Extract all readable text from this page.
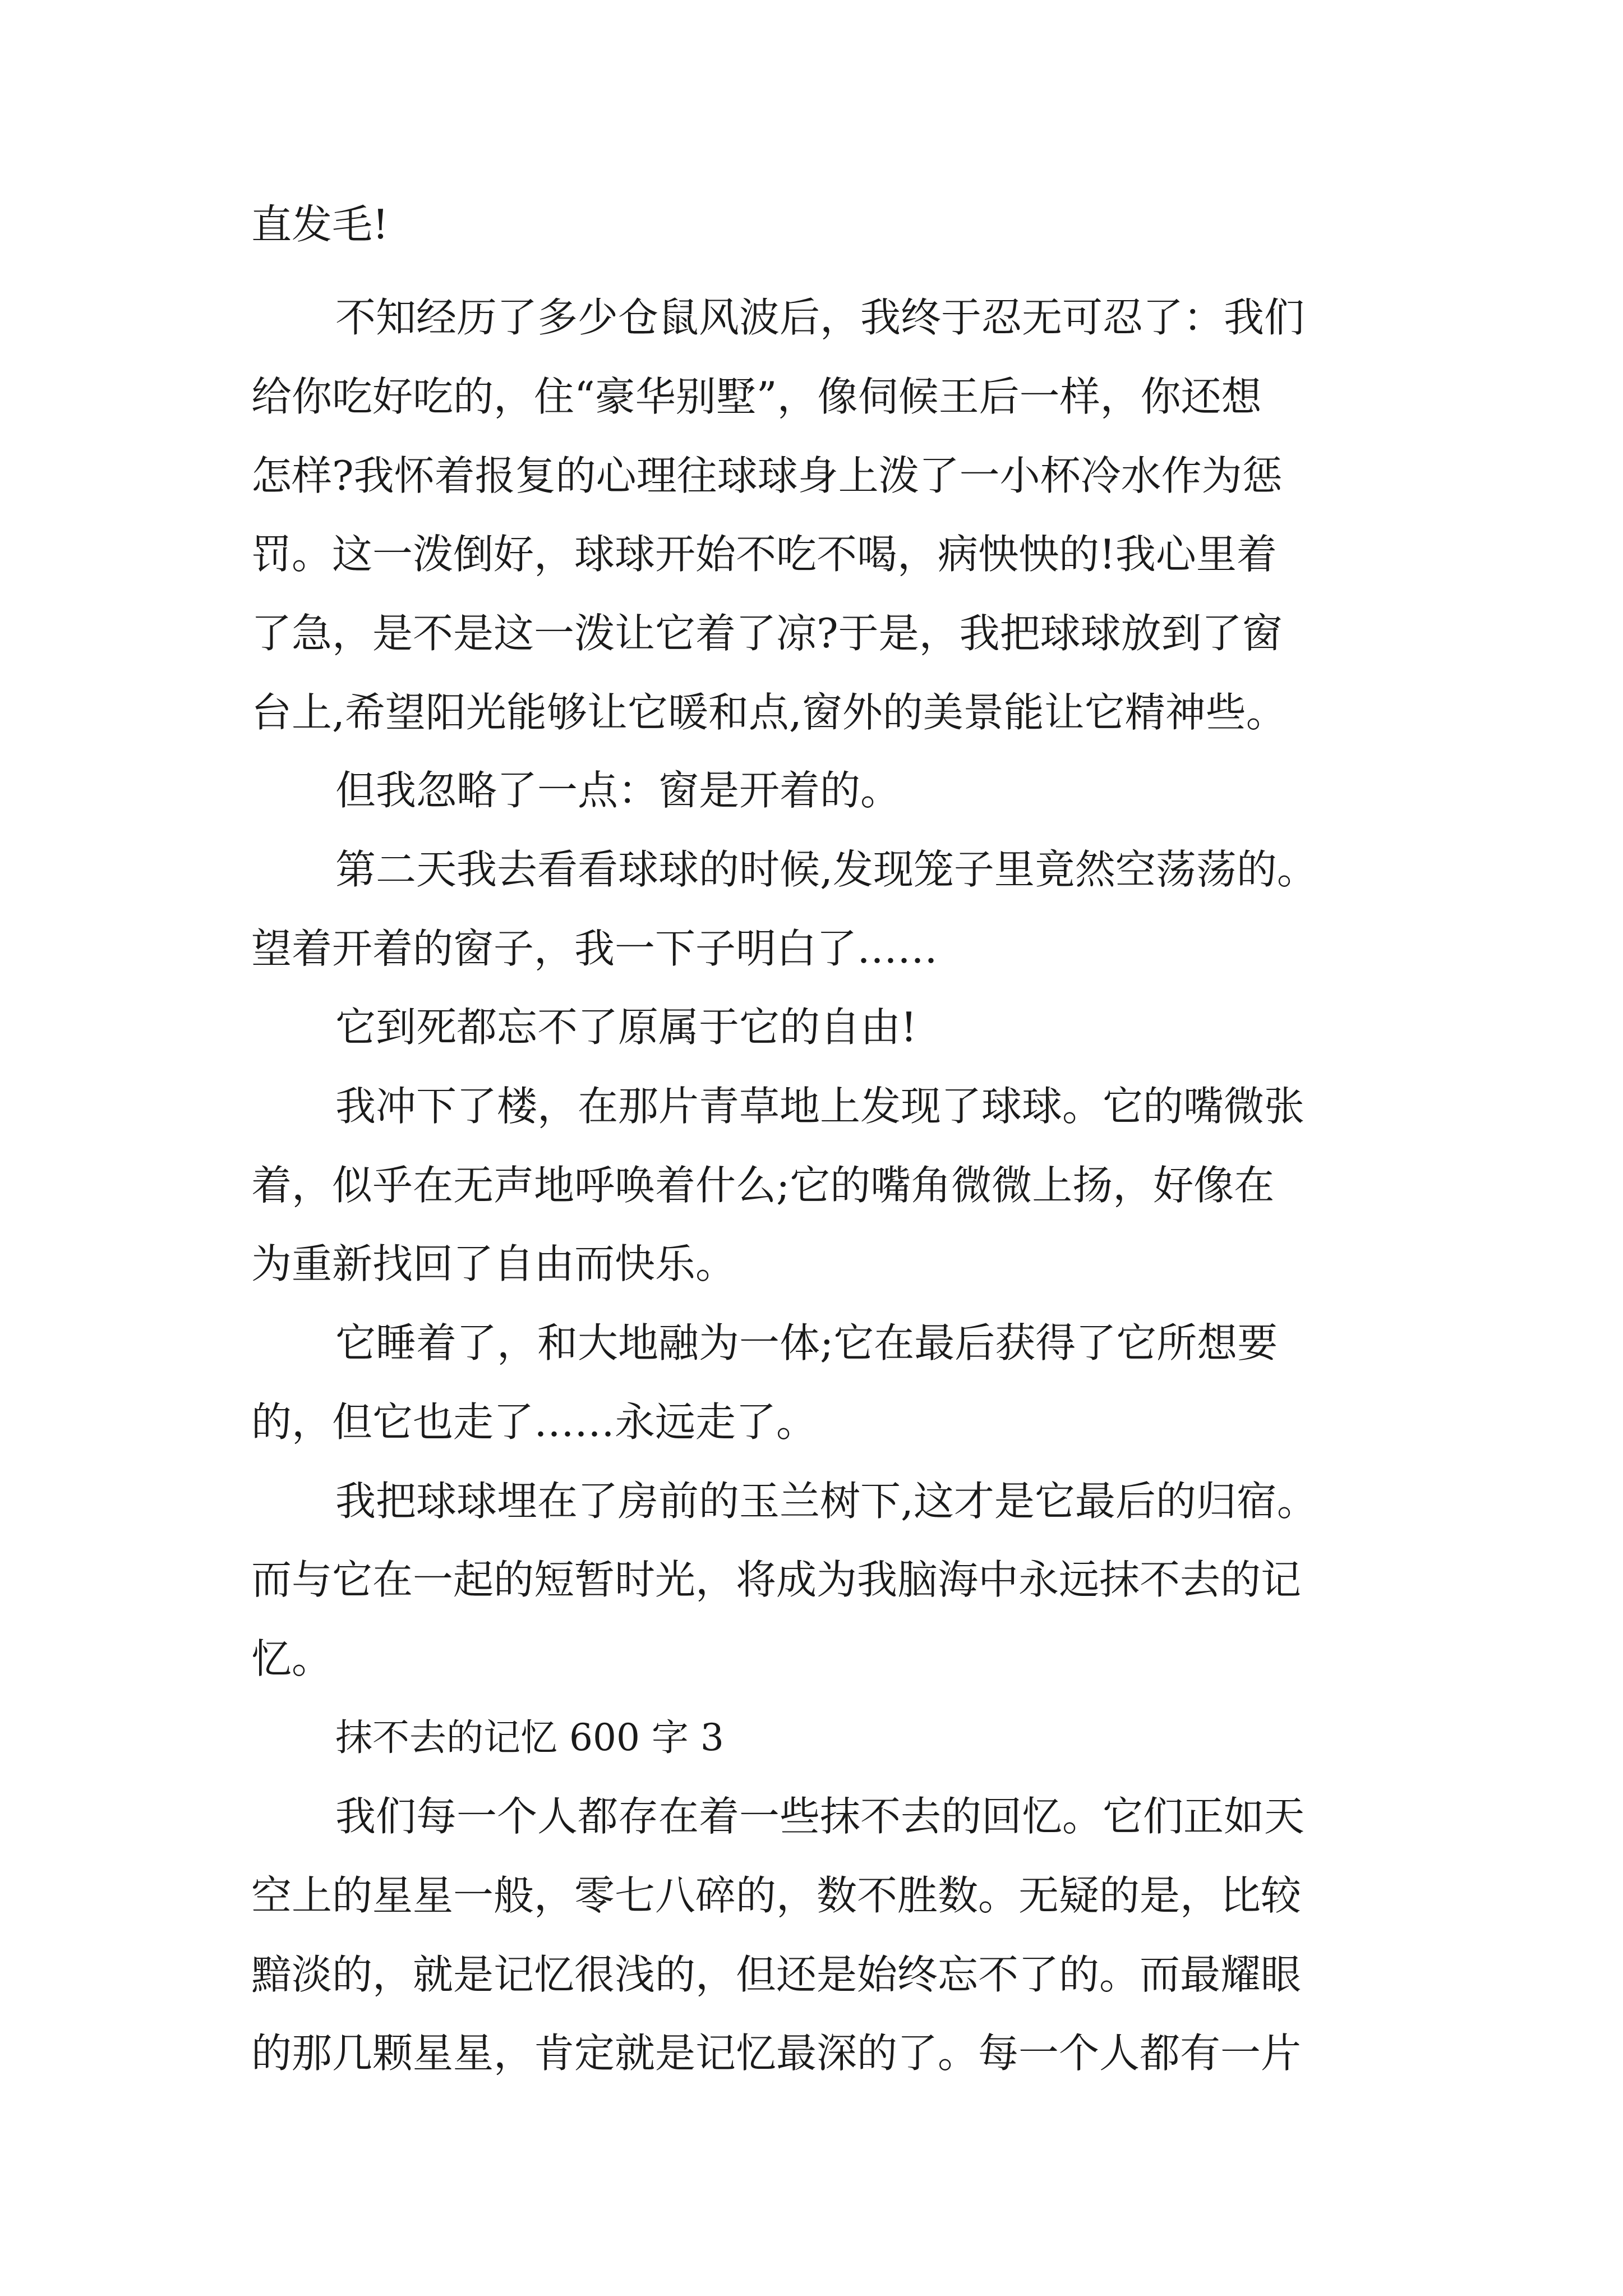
直发毛!
不知经历了多少仓鼠风波后，我终于忍无可忍了：我们
给你吃好吃的，住“豪华别墅”，像伺候王后一样，你还想
怎样?我怀着报复的心理往球球身上泼了一小杯冷水作为惩
罚。这一泼倒好，球球开始不吃不喝，病怏怏的!我心里着
了急，是不是这一泼让它着了凉?于是，我把球球放到了窗
台上,希望阳光能够让它暖和点,窗外的美景能让它精神些。
但我忽略了一点：窗是开着的。
第二天我去看看球球的时候,发现笼子里竟然空荡荡的。
望着开着的窗子，我一下子明白了……
它到死都忘不了原属于它的自由!
我冲下了楼，在那片青草地上发现了球球。它的嘴微张
着，似乎在无声地呼唤着什么;它的嘴角微微上扬，好像在
为重新找回了自由而快乐。
它睡着了，和大地融为一体;它在最后获得了它所想要
的，但它也走了……永远走了。
我把球球埋在了房前的玉兰树下,这才是它最后的归宿。
而与它在一起的短暂时光，将成为我脑海中永远抹不去的记
忆。
抹不去的记忆 600 字 3
我们每一个人都存在着一些抹不去的回忆。它们正如天
空上的星星一般，零七八碎的，数不胜数。无疑的是，比较
黯淡的，就是记忆很浅的，但还是始终忘不了的。而最耀眼
的那几颗星星，肯定就是记忆最深的了。每一个人都有一片
